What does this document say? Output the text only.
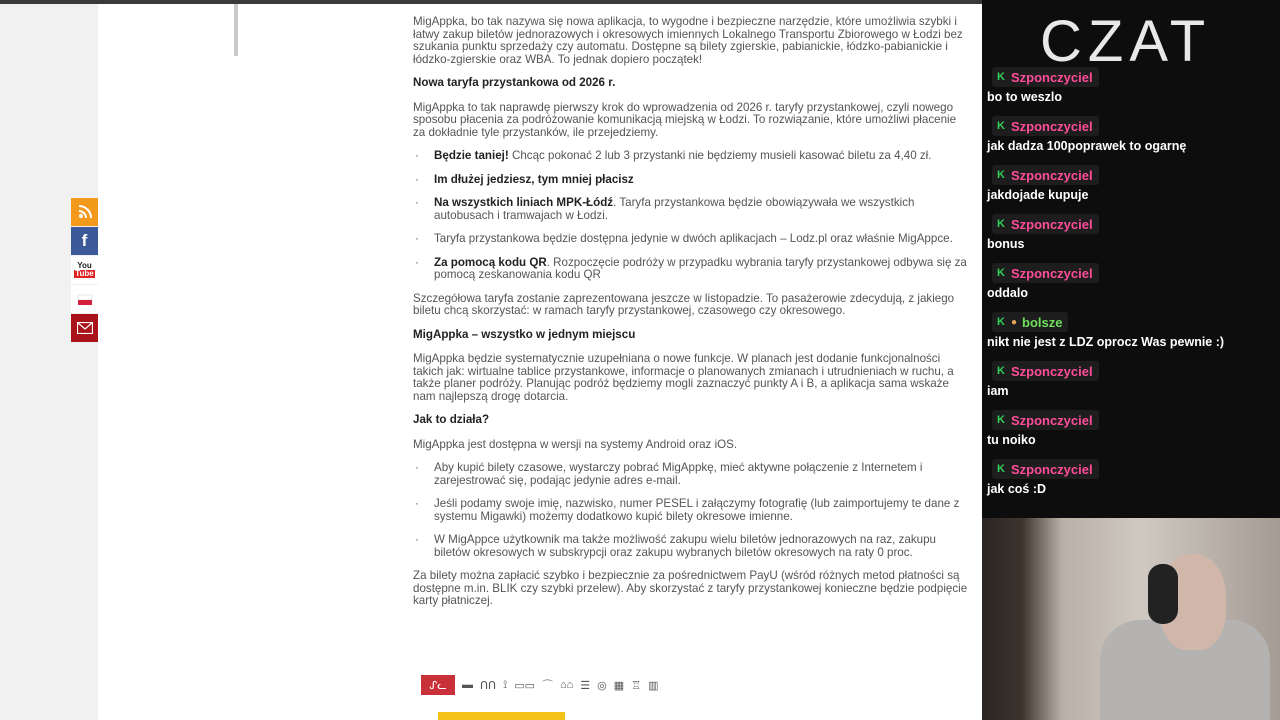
f
You
Tube

MigAppka, bo tak nazywa się nowa aplikacja, to wygodne i bezpieczne narzędzie, które umożliwia szybki i łatwy zakup biletów jednorazowych i okresowych imiennych Lokalnego Transportu Zbiorowego w Łodzi bez szukania punktu sprzedaży czy automatu. Dostępne są bilety zgierskie, pabianickie, łódzko-pabianickie i łódzko-zgierskie oraz WBA. To jednak dopiero początek!

Nowa taryfa przystankowa od 2026 r.

MigAppka to tak naprawdę pierwszy krok do wprowadzenia od 2026 r. taryfy przystankowej, czyli nowego sposobu płacenia za podróżowanie komunikacją miejską w Łodzi. To rozwiązanie, które umożliwi płacenie za dokładnie tyle przystanków, ile przejedziemy.

· Będzie taniej! Chcąc pokonać 2 lub 3 przystanki nie będziemy musieli kasować biletu za 4,40 zł.
· Im dłużej jedziesz, tym mniej płacisz
· Na wszystkich liniach MPK-Łódź. Taryfa przystankowa będzie obowiązywała we wszystkich autobusach i tramwajach w Łodzi.
· Taryfa przystankowa będzie dostępna jedynie w dwóch aplikacjach – Lodz.pl oraz właśnie MigAppce.
· Za pomocą kodu QR. Rozpoczęcie podróży w przypadku wybrania taryfy przystankowej odbywa się za pomocą zeskanowania kodu QR

Szczegółowa taryfa zostanie zaprezentowana jeszcze w listopadzie. To pasażerowie zdecydują, z jakiego biletu chcą skorzystać: w ramach taryfy przystankowej, czasowego czy okresowego.

MigAppka – wszystko w jednym miejscu

MigAppka będzie systematycznie uzupełniana o nowe funkcje. W planach jest dodanie funkcjonalności takich jak: wirtualne tablice przystankowe, informacje o planowanych zmianach i utrudnieniach w ruchu, a także planer podróży. Planując podróż będziemy mogli zaznaczyć punkty A i B, a aplikacja sama wskaże nam najlepszą drogę dotarcia.

Jak to działa?

MigAppka jest dostępna w wersji na systemy Android oraz iOS.

· Aby kupić bilety czasowe, wystarczy pobrać MigAppkę, mieć aktywne połączenie z Internetem i zarejestrować się, podając jedynie adres e-mail.
· Jeśli podamy swoje imię, nazwisko, numer PESEL i załączymy fotografię (lub zaimportujemy te dane z systemu Migawki) możemy dodatkowo kupić bilety okresowe imienne.
· W MigAppce użytkownik ma także możliwość zakupu wielu biletów jednorazowych na raz, zakupu biletów okresowych w subskrypcji oraz zakupu wybranych biletów okresowych na raty 0 proc.

Za bilety można zapłacić szybko i bezpiecznie za pośrednictwem PayU (wśród różnych metod płatności są dostępne m.in. BLIK czy szybki przelew). Aby skorzystać z taryfy przystankowej konieczne będzie podpięcie karty płatniczej.

ᔑᓚ	▬ ᑎᑎ ⟟ ▭▭ ⌒ ⌂⌂ ☰ ◎ ▦ ♖ ▥
K Szponczyciel
bo to weszlo
K Szponczyciel
jak dadza 100poprawek to ogarnę
K Szponczyciel
jakdojade kupuje
K Szponczyciel
bonus
K Szponczyciel
oddalo
K ● bolsze
nikt nie jest z LDZ oprocz Was pewnie :)
K Szponczyciel
iam
K Szponczyciel
tu noiko
K Szponczyciel
jak coś :D
CZAT
